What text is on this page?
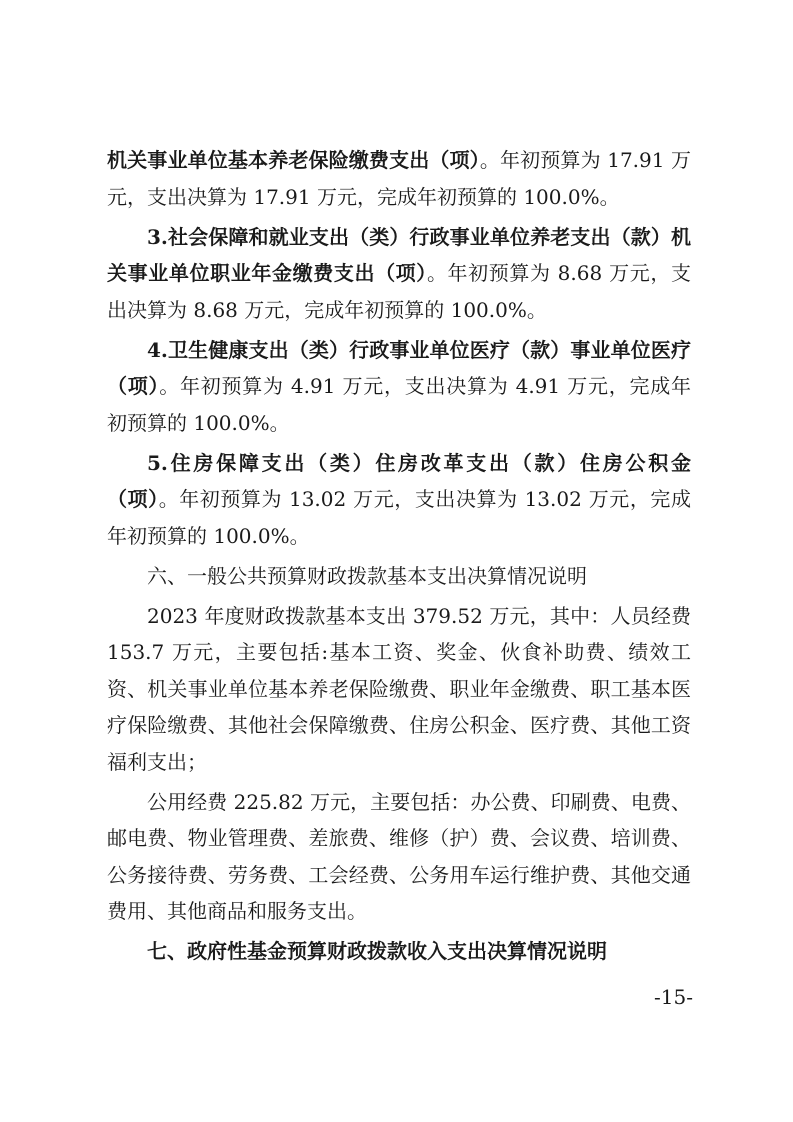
机关事业单位基本养老保险缴费支出（项）。年初预算为 17.91 万元，支出决算为 17.91 万元，完成年初预算的 100.0%。

3.社会保障和就业支出（类）行政事业单位养老支出（款）机关事业单位职业年金缴费支出（项）。年初预算为 8.68 万元，支出决算为 8.68 万元，完成年初预算的 100.0%。

4.卫生健康支出（类）行政事业单位医疗（款）事业单位医疗（项）。年初预算为 4.91 万元，支出决算为 4.91 万元，完成年初预算的 100.0%。

5.住房保障支出（类）住房改革支出（款）住房公积金（项）。年初预算为 13.02 万元，支出决算为 13.02 万元，完成年初预算的 100.0%。

六、一般公共预算财政拨款基本支出决算情况说明

2023 年度财政拨款基本支出 379.52 万元，其中：人员经费 153.7 万元，主要包括:基本工资、奖金、伙食补助费、绩效工资、机关事业单位基本养老保险缴费、职业年金缴费、职工基本医疗保险缴费、其他社会保障缴费、住房公积金、医疗费、其他工资福利支出；

公用经费 225.82 万元，主要包括：办公费、印刷费、电费、邮电费、物业管理费、差旅费、维修（护）费、会议费、培训费、公务接待费、劳务费、工会经费、公务用车运行维护费、其他交通费用、其他商品和服务支出。

七、政府性基金预算财政拨款收入支出决算情况说明

-15-
